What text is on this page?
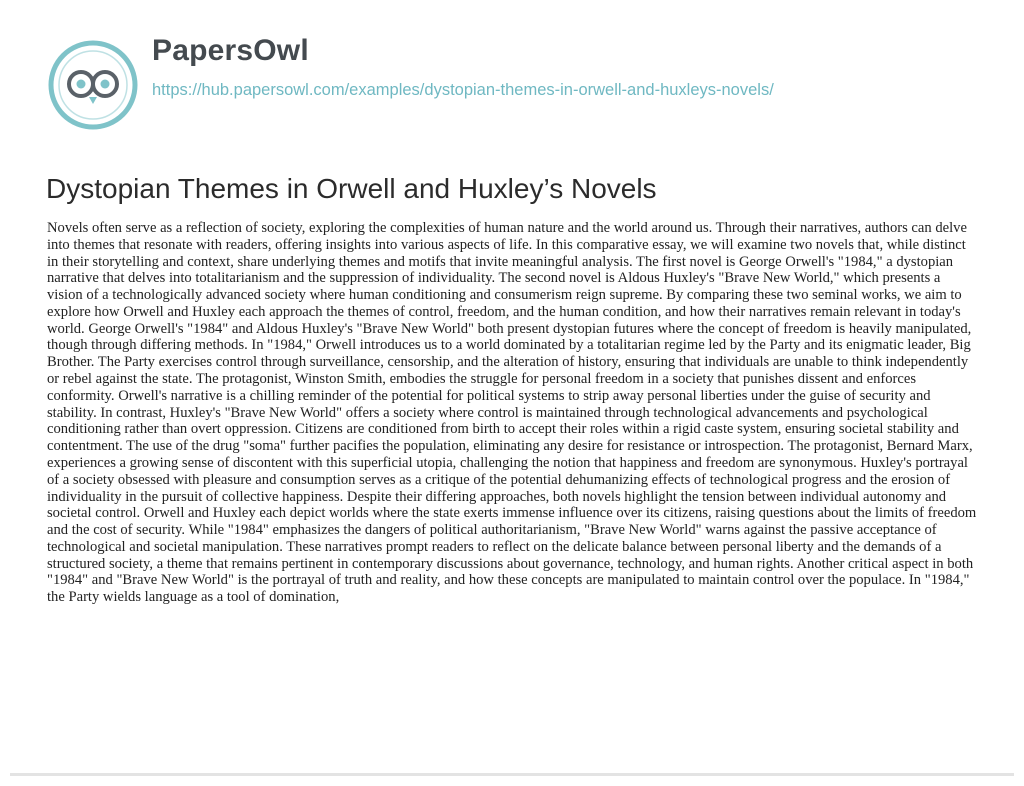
PapersOwl
https://hub.papersowl.com/examples/dystopian-themes-in-orwell-and-huxleys-novels/
Dystopian Themes in Orwell and Huxley’s Novels

Novels often serve as a reflection of society, exploring the complexities of human nature and the world around us. Through their narratives, authors can delve into themes that resonate with readers, offering insights into various aspects of life. In this comparative essay, we will examine two novels that, while distinct in their storytelling and context, share underlying themes and motifs that invite meaningful analysis. The first novel is George Orwell's "1984," a dystopian narrative that delves into totalitarianism and the suppression of individuality. The second novel is Aldous Huxley's "Brave New World," which presents a vision of a technologically advanced society where human conditioning and consumerism reign supreme. By comparing these two seminal works, we aim to explore how Orwell and Huxley each approach the themes of control, freedom, and the human condition, and how their narratives remain relevant in today's world. George Orwell's "1984" and Aldous Huxley's "Brave New World" both present dystopian futures where the concept of freedom is heavily manipulated, though through differing methods. In "1984," Orwell introduces us to a world dominated by a totalitarian regime led by the Party and its enigmatic leader, Big Brother. The Party exercises control through surveillance, censorship, and the alteration of history, ensuring that individuals are unable to think independently or rebel against the state. The protagonist, Winston Smith, embodies the struggle for personal freedom in a society that punishes dissent and enforces conformity. Orwell's narrative is a chilling reminder of the potential for political systems to strip away personal liberties under the guise of security and stability. In contrast, Huxley's "Brave New World" offers a society where control is maintained through technological advancements and psychological conditioning rather than overt oppression. Citizens are conditioned from birth to accept their roles within a rigid caste system, ensuring societal stability and contentment. The use of the drug "soma" further pacifies the population, eliminating any desire for resistance or introspection. The protagonist, Bernard Marx, experiences a growing sense of discontent with this superficial utopia, challenging the notion that happiness and freedom are synonymous. Huxley's portrayal of a society obsessed with pleasure and consumption serves as a critique of the potential dehumanizing effects of technological progress and the erosion of individuality in the pursuit of collective happiness. Despite their differing approaches, both novels highlight the tension between individual autonomy and societal control. Orwell and Huxley each depict worlds where the state exerts immense influence over its citizens, raising questions about the limits of freedom and the cost of security. While "1984" emphasizes the dangers of political authoritarianism, "Brave New World" warns against the passive acceptance of technological and societal manipulation. These narratives prompt readers to reflect on the delicate balance between personal liberty and the demands of a structured society, a theme that remains pertinent in contemporary discussions about governance, technology, and human rights. Another critical aspect in both "1984" and "Brave New World" is the portrayal of truth and reality, and how these concepts are manipulated to maintain control over the populace. In "1984," the Party wields language as a tool of domination,
